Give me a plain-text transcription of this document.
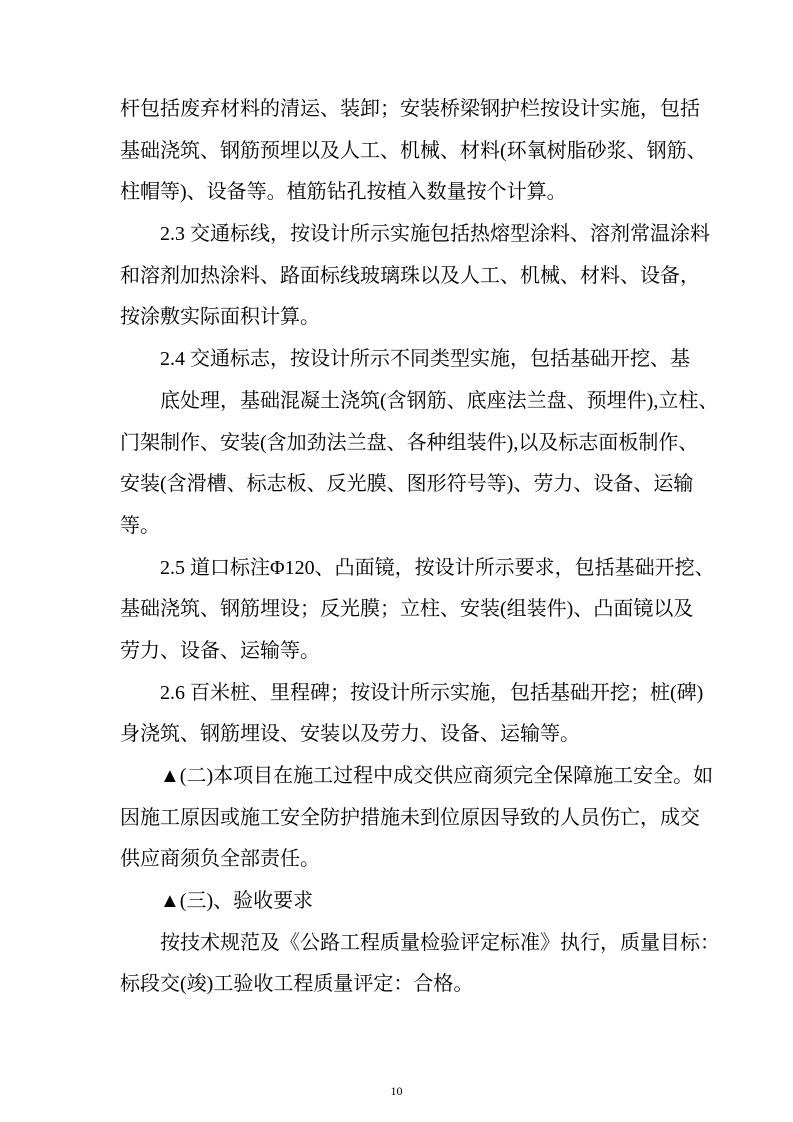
杆包括废弃材料的清运、装卸；安装桥梁钢护栏按设计实施，包括
基础浇筑、钢筋预埋以及人工、机械、材料(环氧树脂砂浆、钢筋、
柱帽等)、设备等。植筋钻孔按植入数量按个计算。
2.3 交通标线，按设计所示实施包括热熔型涂料、溶剂常温涂料
和溶剂加热涂料、路面标线玻璃珠以及人工、机械、材料、设备，
按涂敷实际面积计算。
2.4 交通标志，按设计所示不同类型实施，包括基础开挖、基
底处理，基础混凝土浇筑(含钢筋、底座法兰盘、预埋件),立柱、
门架制作、安装(含加劲法兰盘、各种组装件),以及标志面板制作、
安装(含滑槽、标志板、反光膜、图形符号等)、劳力、设备、运输
等。
2.5 道口标注Φ120、凸面镜，按设计所示要求，包括基础开挖、
基础浇筑、钢筋埋设；反光膜；立柱、安装(组装件)、凸面镜以及
劳力、设备、运输等。
2.6 百米桩、里程碑；按设计所示实施，包括基础开挖；桩(碑)
身浇筑、钢筋埋设、安装以及劳力、设备、运输等。
▲(二)本项目在施工过程中成交供应商须完全保障施工安全。如
因施工原因或施工安全防护措施未到位原因导致的人员伤亡，成交
供应商须负全部责任。
▲(三)、验收要求
按技术规范及《公路工程质量检验评定标准》执行，质量目标：
标段交(竣)工验收工程质量评定：合格。
10
